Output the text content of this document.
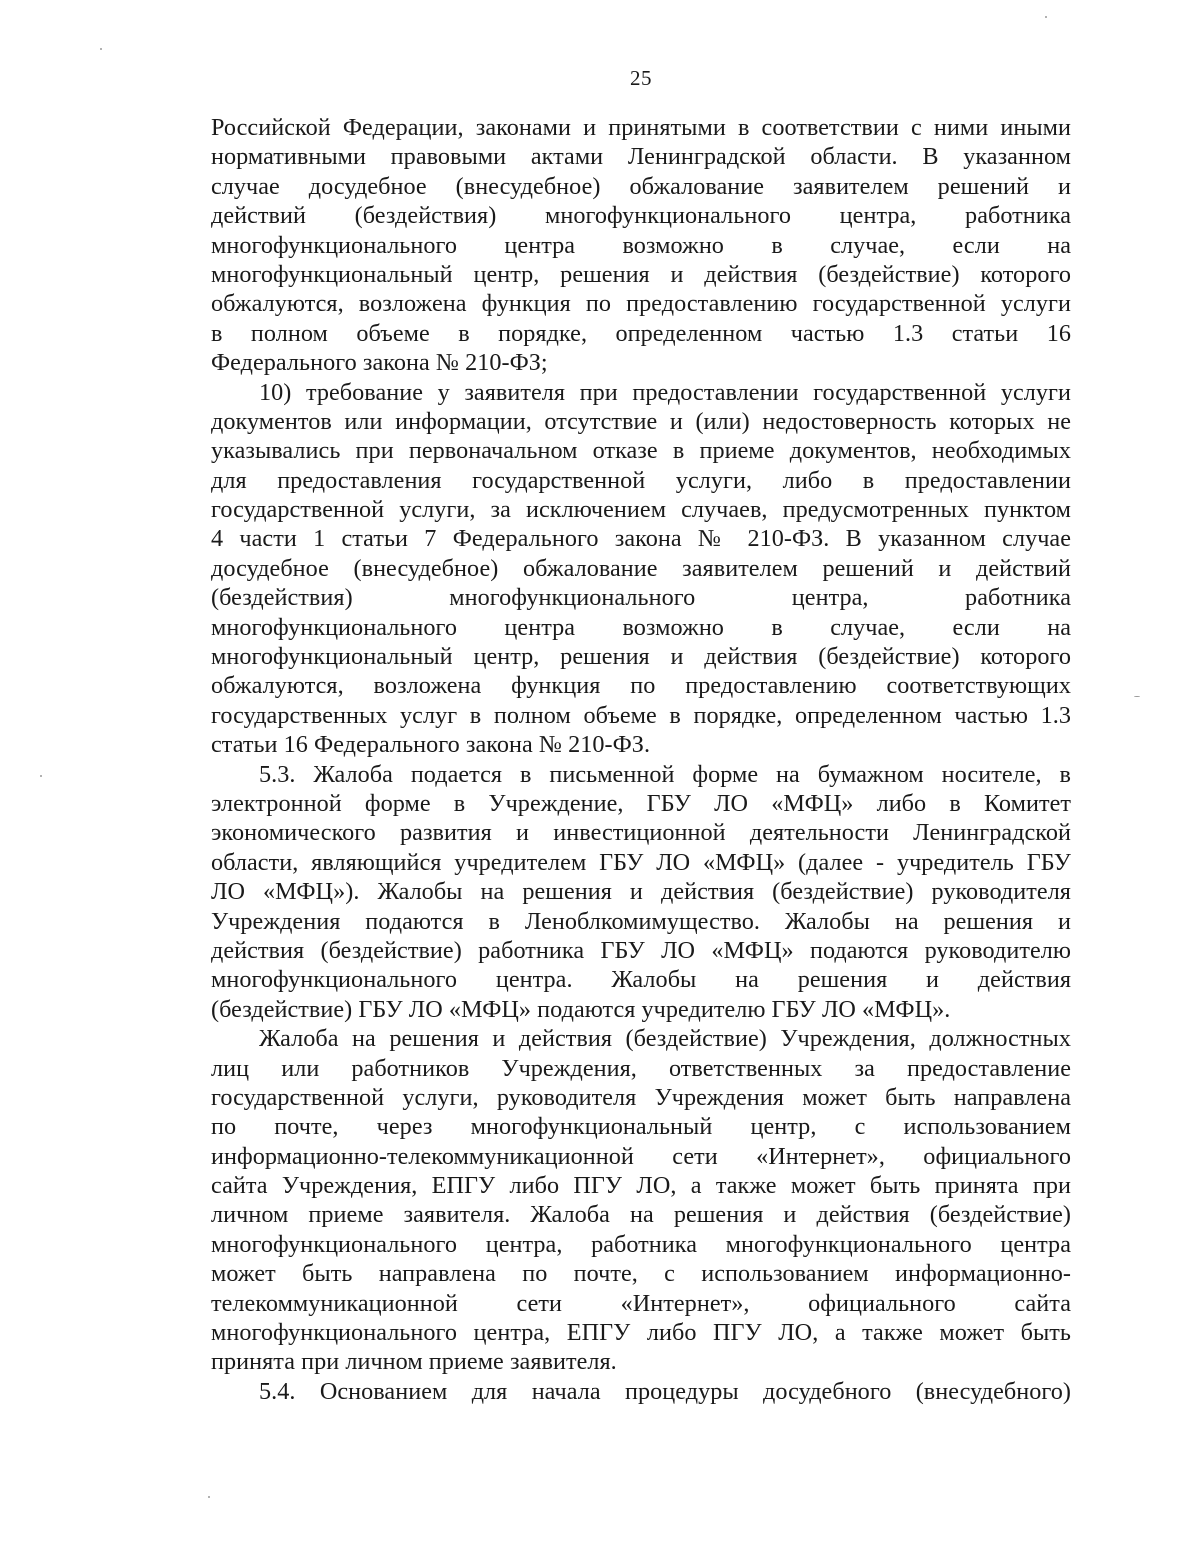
25
Российской Федерации, законами и принятыми в соответствии с ними иными
нормативными правовыми актами Ленинградской области. В указанном
случае досудебное (внесудебное) обжалование заявителем решений и
действий (бездействия) многофункционального центра, работника
многофункционального центра возможно в случае, если на
многофункциональный центр, решения и действия (бездействие) которого
обжалуются, возложена функция по предоставлению государственной услуги
в полном объеме в порядке, определенном частью 1.3 статьи 16
Федерального закона № 210-ФЗ;
10) требование у заявителя при предоставлении государственной услуги
документов или информации, отсутствие и (или) недостоверность которых не
указывались при первоначальном отказе в приеме документов, необходимых
для предоставления государственной услуги, либо в предоставлении
государственной услуги, за исключением случаев, предусмотренных пунктом
4 части 1 статьи 7 Федерального закона № 210-ФЗ. В указанном случае
досудебное (внесудебное) обжалование заявителем решений и действий
(бездействия) многофункционального центра, работника
многофункционального центра возможно в случае, если на
многофункциональный центр, решения и действия (бездействие) которого
обжалуются, возложена функция по предоставлению соответствующих
государственных услуг в полном объеме в порядке, определенном частью 1.3
статьи 16 Федерального закона № 210-ФЗ.
5.3. Жалоба подается в письменной форме на бумажном носителе, в
электронной форме в Учреждение, ГБУ ЛО «МФЦ» либо в Комитет
экономического развития и инвестиционной деятельности Ленинградской
области, являющийся учредителем ГБУ ЛО «МФЦ» (далее - учредитель ГБУ
ЛО «МФЦ»). Жалобы на решения и действия (бездействие) руководителя
Учреждения подаются в Леноблкомимущество. Жалобы на решения и
действия (бездействие) работника ГБУ ЛО «МФЦ» подаются руководителю
многофункционального центра. Жалобы на решения и действия
(бездействие) ГБУ ЛО «МФЦ» подаются учредителю ГБУ ЛО «МФЦ».
Жалоба на решения и действия (бездействие) Учреждения, должностных
лиц или работников Учреждения, ответственных за предоставление
государственной услуги, руководителя Учреждения может быть направлена
по почте, через многофункциональный центр, с использованием
информационно-телекоммуникационной сети «Интернет», официального
сайта Учреждения, ЕПГУ либо ПГУ ЛО, а также может быть принята при
личном приеме заявителя. Жалоба на решения и действия (бездействие)
многофункционального центра, работника многофункционального центра
может быть направлена по почте, с использованием информационно-
телекоммуникационной сети «Интернет», официального сайта
многофункционального центра, ЕПГУ либо ПГУ ЛО, а также может быть
принята при личном приеме заявителя.
5.4. Основанием для начала процедуры досудебного (внесудебного)
